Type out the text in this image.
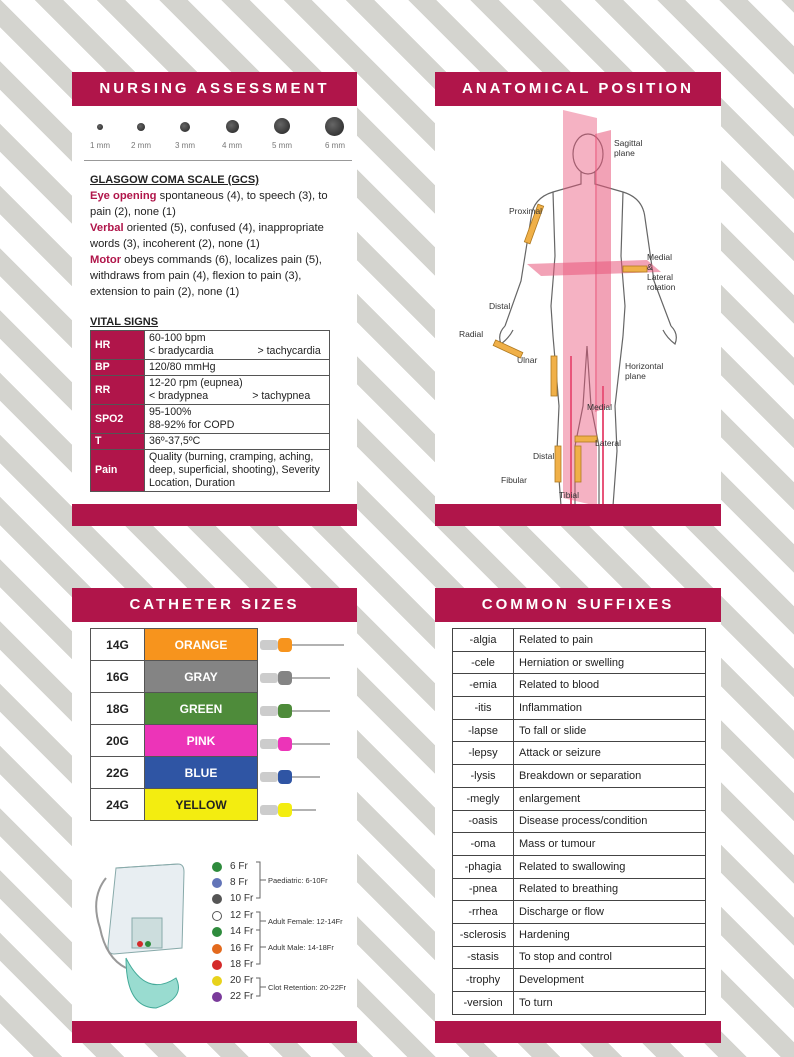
NURSING ASSESSMENT
1 mm	2 mm	3 mm	4 mm	5 mm	6 mm
GLASGOW COMA SCALE (GCS)
Eye opening spontaneous (4), to speech (3), to pain (2), none (1)
Verbal oriented (5), confused (4), inappropriate words (3), incoherent (2), none (1)
Motor obeys commands (6), localizes pain (5), withdraws from pain (4), flexion to pain (3), extension to pain (2), none (1)
VITAL SIGNS
HR	60-100 bpm
< bradycardia > tachycardia

BP	120/80 mmHg
RR	12-20 rpm (eupnea)
< bradypnea > tachypnea

SPO2	95-100%
88-92% for COPD

T	36º-37,5ºC
Pain	Quality (burning, cramping, aching, deep, superficial, shooting), Severity Location, Duration
ANATOMICAL POSITION
Sagittal
plane
Proximal
Medial
&
Lateral
rotation
Distal
Radial
Ulnar
Horizontal
plane
Medial
Lateral
Distal
Fibular
Tibial
CATHETER SIZES
14G	ORANGE
16G	GRAY
18G	GREEN
20G	PINK
22G	BLUE
24G	YELLOW
6 Fr
8 Fr
10 Fr
12 Fr
14 Fr
16 Fr
18 Fr
20 Fr
22 Fr
Paediatric: 6-10Fr
Adult Female: 12-14Fr
Adult Male: 14-18Fr
Clot Retention: 20-22Fr
COMMON SUFFIXES
-algia	Related to pain
-cele	Herniation or swelling
-emia	Related to blood
-itis	Inflammation
-lapse	To fall or slide
-lepsy	Attack or seizure
-lysis	Breakdown or separation
-megly	enlargement
-oasis	Disease process/condition
-oma	Mass or tumour
-phagia	Related to swallowing
-pnea	Related to breathing
-rrhea	Discharge or flow
-sclerosis	Hardening
-stasis	To stop and control
-trophy	Development
-version	To turn
